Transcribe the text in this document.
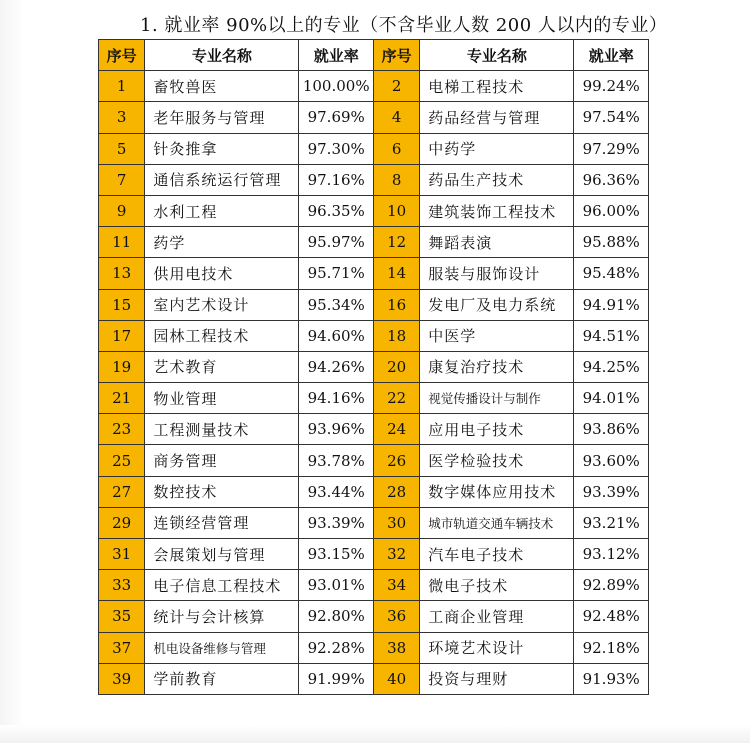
1. 就业率 90%以上的专业（不含毕业人数 200 人以内的专业）
序号	专业名称	就业率	序号	专业名称	就业率
1	畜牧兽医	100.00%	2	电梯工程技术	99.24%
3	老年服务与管理	97.69%	4	药品经营与管理	97.54%
5	针灸推拿	97.30%	6	中药学	97.29%
7	通信系统运行管理	97.16%	8	药品生产技术	96.36%
9	水利工程	96.35%	10	建筑装饰工程技术	96.00%
11	药学	95.97%	12	舞蹈表演	95.88%
13	供用电技术	95.71%	14	服装与服饰设计	95.48%
15	室内艺术设计	95.34%	16	发电厂及电力系统	94.91%
17	园林工程技术	94.60%	18	中医学	94.51%
19	艺术教育	94.26%	20	康复治疗技术	94.25%
21	物业管理	94.16%	22	视觉传播设计与制作	94.01%
23	工程测量技术	93.96%	24	应用电子技术	93.86%
25	商务管理	93.78%	26	医学检验技术	93.60%
27	数控技术	93.44%	28	数字媒体应用技术	93.39%
29	连锁经营管理	93.39%	30	城市轨道交通车辆技术	93.21%
31	会展策划与管理	93.15%	32	汽车电子技术	93.12%
33	电子信息工程技术	93.01%	34	微电子技术	92.89%
35	统计与会计核算	92.80%	36	工商企业管理	92.48%
37	机电设备维修与管理	92.28%	38	环境艺术设计	92.18%
39	学前教育	91.99%	40	投资与理财	91.93%
